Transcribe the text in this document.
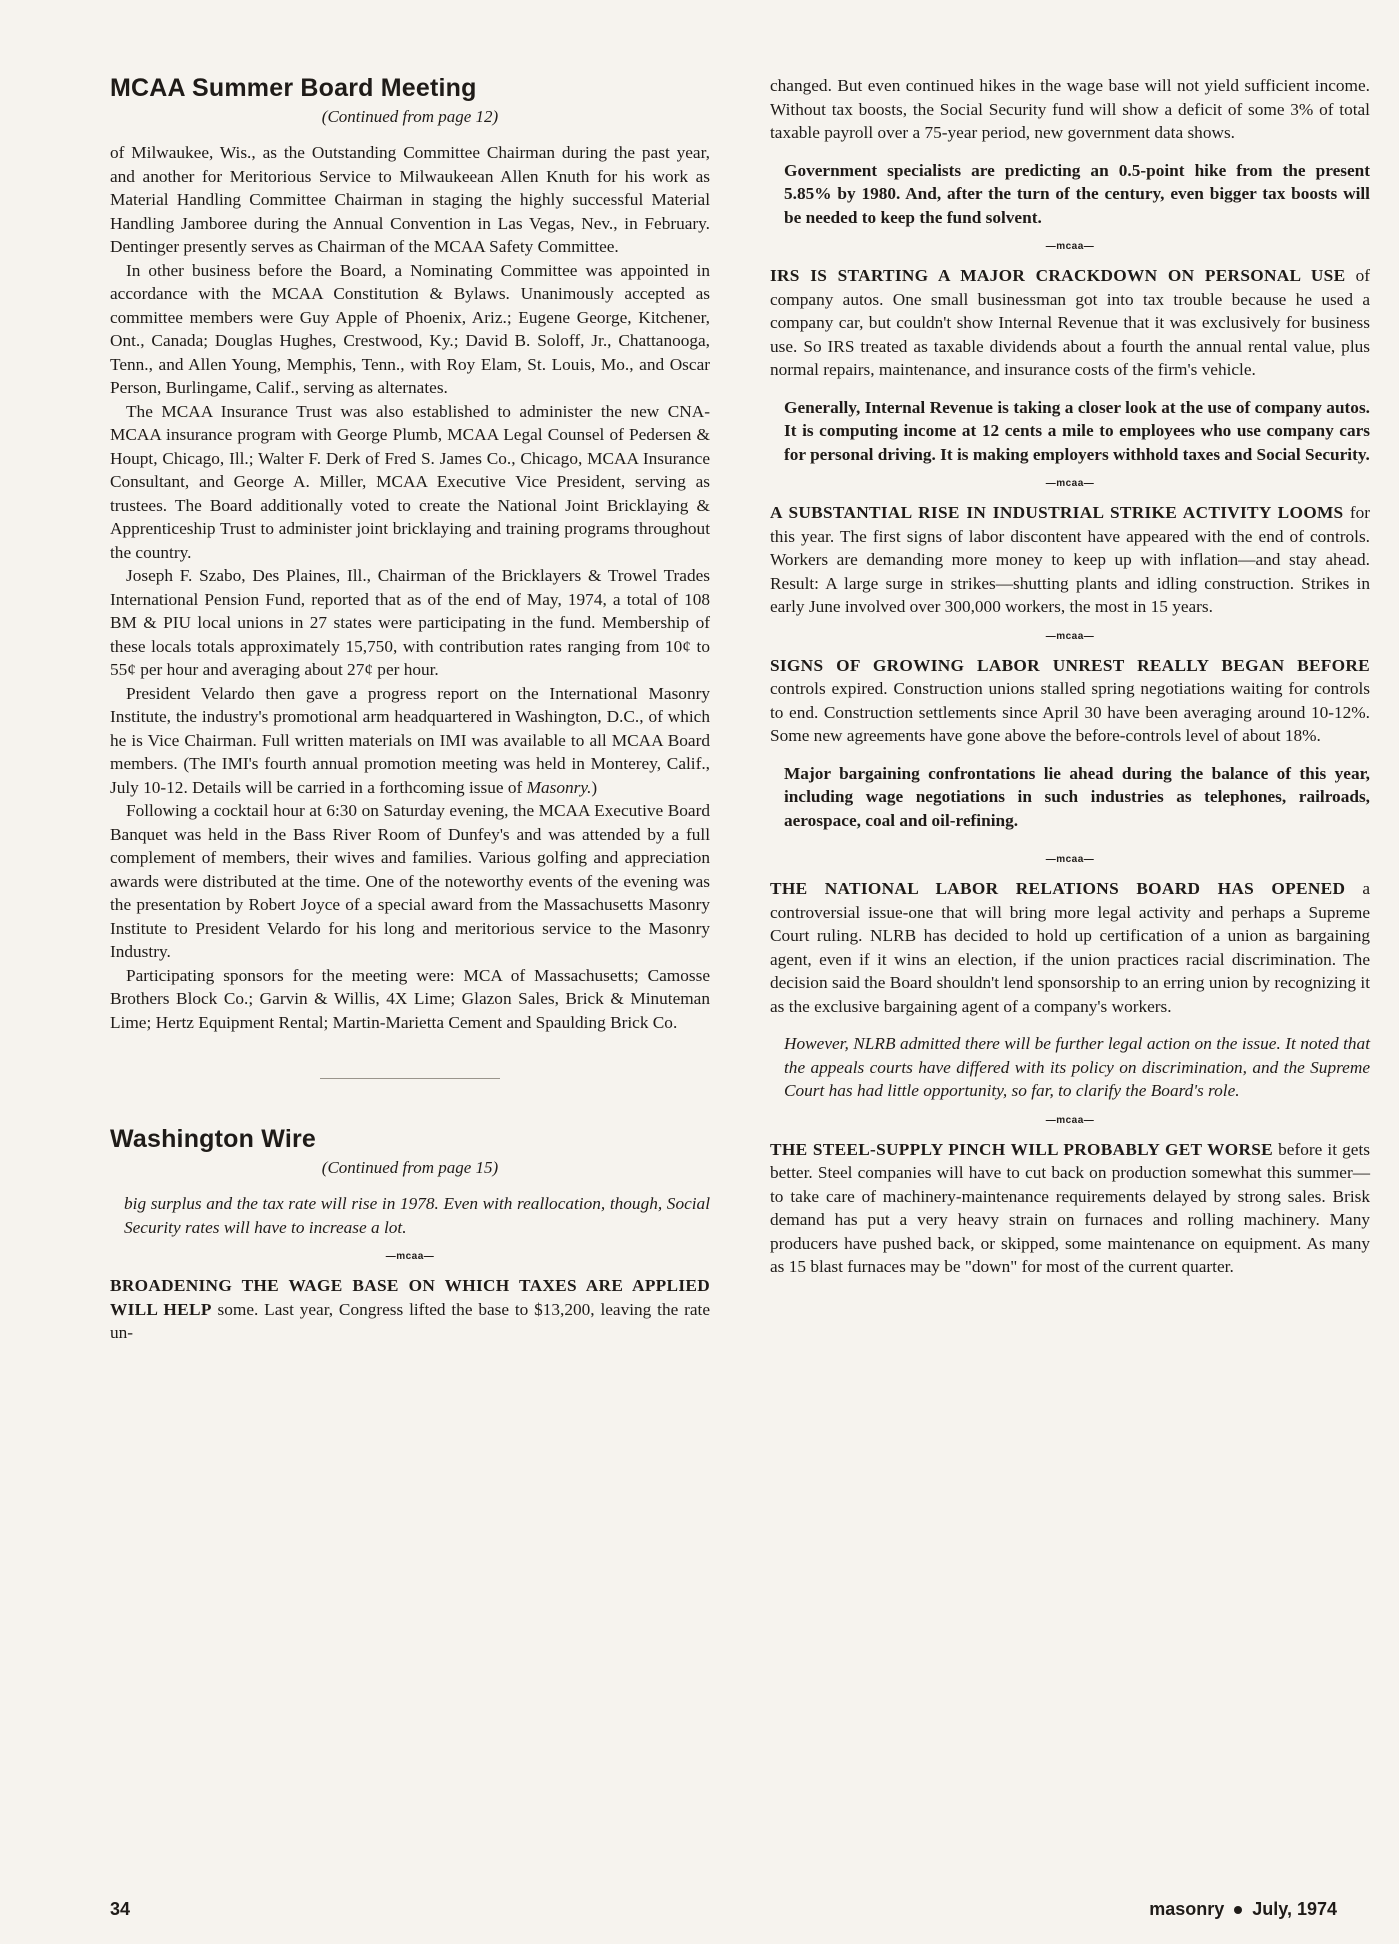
MCAA Summer Board Meeting
(Continued from page 12)

of Milwaukee, Wis., as the Outstanding Committee Chairman during the past year, and another for Meritorious Service to Milwaukeean Allen Knuth for his work as Material Handling Committee Chairman in staging the highly successful Material Handling Jamboree during the Annual Convention in Las Vegas, Nev., in February. Dentinger presently serves as Chairman of the MCAA Safety Committee.

In other business before the Board, a Nominating Committee was appointed in accordance with the MCAA Constitution & Bylaws. Unanimously accepted as committee members were Guy Apple of Phoenix, Ariz.; Eugene George, Kitchener, Ont., Canada; Douglas Hughes, Crestwood, Ky.; David B. Soloff, Jr., Chattanooga, Tenn., and Allen Young, Memphis, Tenn., with Roy Elam, St. Louis, Mo., and Oscar Person, Burlingame, Calif., serving as alternates.

The MCAA Insurance Trust was also established to administer the new CNA-MCAA insurance program with George Plumb, MCAA Legal Counsel of Pedersen & Houpt, Chicago, Ill.; Walter F. Derk of Fred S. James Co., Chicago, MCAA Insurance Consultant, and George A. Miller, MCAA Executive Vice President, serving as trustees. The Board additionally voted to create the National Joint Bricklaying & Apprenticeship Trust to administer joint bricklaying and training programs throughout the country.

Joseph F. Szabo, Des Plaines, Ill., Chairman of the Bricklayers & Trowel Trades International Pension Fund, reported that as of the end of May, 1974, a total of 108 BM & PIU local unions in 27 states were participating in the fund. Membership of these locals totals approximately 15,750, with contribution rates ranging from 10¢ to 55¢ per hour and averaging about 27¢ per hour.

President Velardo then gave a progress report on the International Masonry Institute, the industry's promotional arm headquartered in Washington, D.C., of which he is Vice Chairman. Full written materials on IMI was available to all MCAA Board members. (The IMI's fourth annual promotion meeting was held in Monterey, Calif., July 10-12. Details will be carried in a forthcoming issue of Masonry.)

Following a cocktail hour at 6:30 on Saturday evening, the MCAA Executive Board Banquet was held in the Bass River Room of Dunfey's and was attended by a full complement of members, their wives and families. Various golfing and appreciation awards were distributed at the time. One of the noteworthy events of the evening was the presentation by Robert Joyce of a special award from the Massachusetts Masonry Institute to President Velardo for his long and meritorious service to the Masonry Industry.

Participating sponsors for the meeting were: MCA of Massachusetts; Camosse Brothers Block Co.; Garvin & Willis, 4X Lime; Glazon Sales, Brick & Minuteman Lime; Hertz Equipment Rental; Martin-Marietta Cement and Spaulding Brick Co.

Washington Wire
(Continued from page 15)

big surplus and the tax rate will rise in 1978. Even with reallocation, though, Social Security rates will have to increase a lot.

—mcaa—

BROADENING THE WAGE BASE ON WHICH TAXES ARE APPLIED WILL HELP some. Last year, Congress lifted the base to $13,200, leaving the rate un-

changed. But even continued hikes in the wage base will not yield sufficient income. Without tax boosts, the Social Security fund will show a deficit of some 3% of total taxable payroll over a 75-year period, new government data shows.

Government specialists are predicting an 0.5-point hike from the present 5.85% by 1980. And, after the turn of the century, even bigger tax boosts will be needed to keep the fund solvent.

—mcaa—

IRS IS STARTING A MAJOR CRACKDOWN ON PERSONAL USE of company autos. One small businessman got into tax trouble because he used a company car, but couldn't show Internal Revenue that it was exclusively for business use. So IRS treated as taxable dividends about a fourth the annual rental value, plus normal repairs, maintenance, and insurance costs of the firm's vehicle.

Generally, Internal Revenue is taking a closer look at the use of company autos. It is computing income at 12 cents a mile to employees who use company cars for personal driving. It is making employers withhold taxes and Social Security.

—mcaa—

A SUBSTANTIAL RISE IN INDUSTRIAL STRIKE ACTIVITY LOOMS for this year. The first signs of labor discontent have appeared with the end of controls. Workers are demanding more money to keep up with inflation—and stay ahead. Result: A large surge in strikes—shutting plants and idling construction. Strikes in early June involved over 300,000 workers, the most in 15 years.

—mcaa—

SIGNS OF GROWING LABOR UNREST REALLY BEGAN BEFORE controls expired. Construction unions stalled spring negotiations waiting for controls to end. Construction settlements since April 30 have been averaging around 10-12%. Some new agreements have gone above the before-controls level of about 18%.

Major bargaining confrontations lie ahead during the balance of this year, including wage negotiations in such industries as telephones, railroads, aerospace, coal and oil-refining.

—mcaa—

THE NATIONAL LABOR RELATIONS BOARD HAS OPENED a controversial issue-one that will bring more legal activity and perhaps a Supreme Court ruling. NLRB has decided to hold up certification of a union as bargaining agent, even if it wins an election, if the union practices racial discrimination. The decision said the Board shouldn't lend sponsorship to an erring union by recognizing it as the exclusive bargaining agent of a company's workers.

However, NLRB admitted there will be further legal action on the issue. It noted that the appeals courts have differed with its policy on discrimination, and the Supreme Court has had little opportunity, so far, to clarify the Board's role.

—mcaa—

THE STEEL-SUPPLY PINCH WILL PROBABLY GET WORSE before it gets better. Steel companies will have to cut back on production somewhat this summer—to take care of machinery-maintenance requirements delayed by strong sales. Brisk demand has put a very heavy strain on furnaces and rolling machinery. Many producers have pushed back, or skipped, some maintenance on equipment. As many as 15 blast furnaces may be "down" for most of the current quarter.

34	masonry July, 1974
